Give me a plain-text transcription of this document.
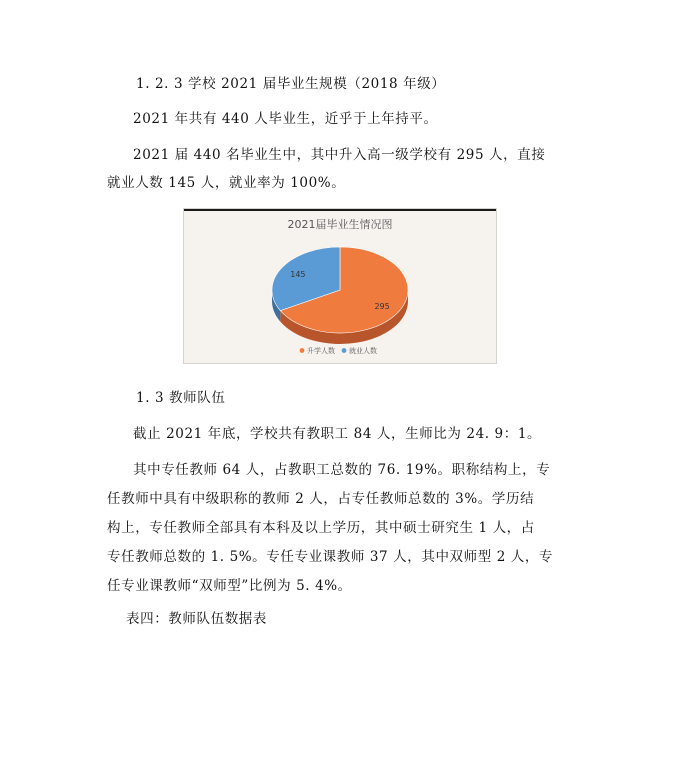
1. 2. 3 学校 2021 届毕业生规模（2018 年级）
2021 年共有 440 人毕业生，近乎于上年持平。
2021 届 440 名毕业生中，其中升入高一级学校有 295 人，直接
就业人数 145 人，就业率为 100%。
2021届毕业生情况图
295
145
升学人数 就业人数
1. 3 教师队伍
截止 2021 年底，学校共有教职工 84 人，生师比为 24. 9：1。
其中专任教师 64 人，占教职工总数的 76. 19%。职称结构上，专
任教师中具有中级职称的教师 2 人，占专任教师总数的 3%。学历结
构上，专任教师全部具有本科及以上学历，其中硕士研究生 1 人，占
专任教师总数的 1. 5%。专任专业课教师 37 人，其中双师型 2 人，专
任专业课教师“双师型”比例为 5. 4%。
表四：教师队伍数据表
